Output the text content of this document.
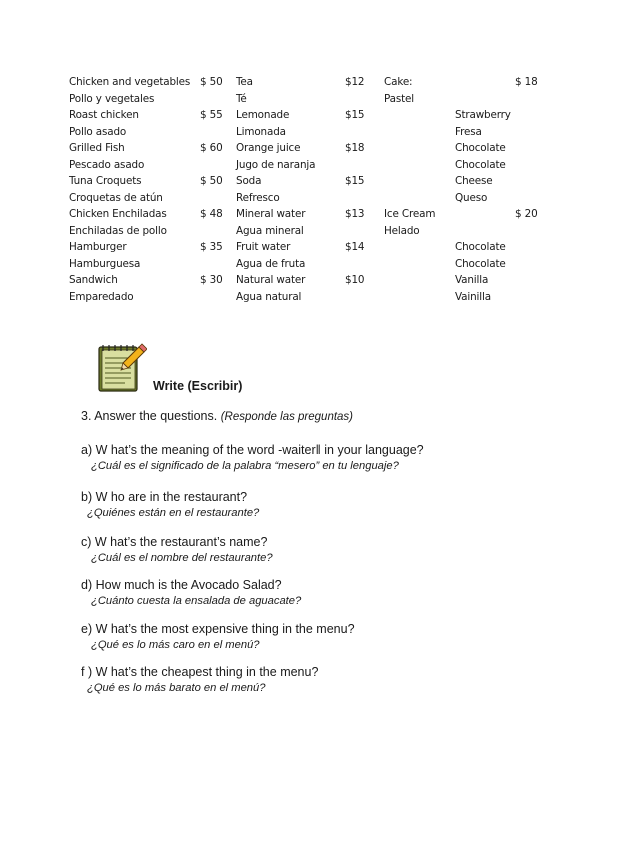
Chicken and vegetables $ 50 Tea	$12 Cake:	$ 18
Pollo y vegetales	Té	Pastel
Roast chicken	$ 55 Lemonade	$15	Strawberry
Pollo asado	Limonada	Fresa
Grilled Fish	$ 60 Orange juice	$18	Chocolate
Pescado asado	Jugo de naranja	Chocolate
Tuna Croquets	$ 50 Soda	$15	Cheese
Croquetas de atún	Refresco	Queso
Chicken Enchiladas	$ 48 Mineral water	$13 Ice Cream	$ 20
Enchiladas de pollo	Agua mineral	Helado
Hamburger	$ 35 Fruit water	$14	Chocolate
Hamburguesa	Agua de fruta	Chocolate
Sandwich	$ 30 Natural water	$10	Vanilla
Emparedado	Agua natural	Vainilla
Write (Escribir)
3. Answer the questions. (Responde las preguntas)
a) W hat’s the meaning of the word -waiter‖ in your language?
¿Cuál es el significado de la palabra “mesero” en tu lenguaje?
b) W ho are in the restaurant?
¿Quiénes están en el restaurante?
c) W hat’s the restaurant’s name?
¿Cuál es el nombre del restaurante?
d) How much is the Avocado Salad?
¿Cuánto cuesta la ensalada de aguacate?
e) W hat’s the most expensive thing in the menu?
¿Qué es lo más caro en el menú?
f ) W hat’s the cheapest thing in the menu?
¿Qué es lo más barato en el menú?
